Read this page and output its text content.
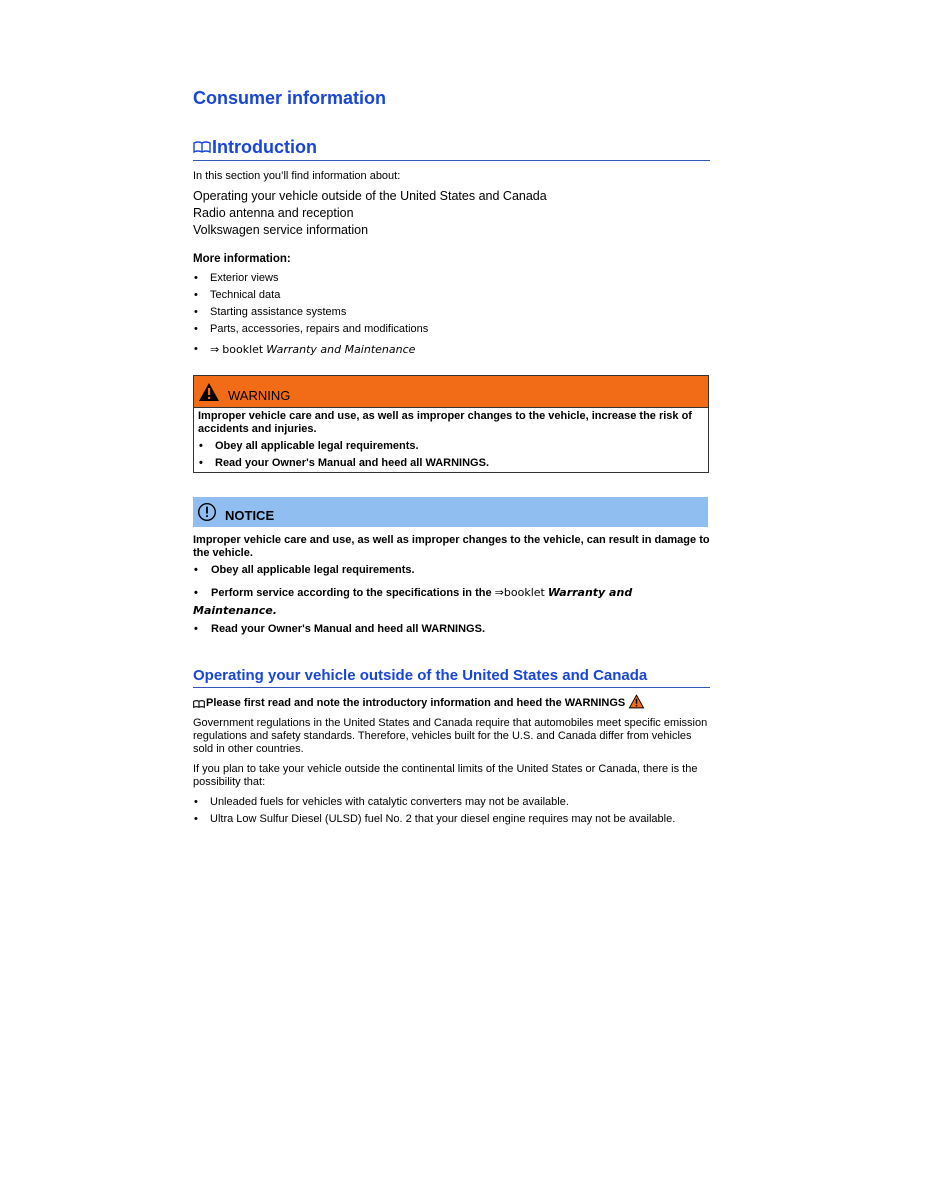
Consumer information
Introduction
In this section you’ll find information about:
Operating your vehicle outside of the United States and Canada
Radio antenna and reception
Volkswagen service information
More information:
• Exterior views
• Technical data
• Starting assistance systems
• Parts, accessories, repairs and modifications
• ⇒ booklet Warranty and Maintenance
WARNING

Improper vehicle care and use, as well as improper changes to the vehicle, increase the risk of accidents and injuries.

• Obey all applicable legal requirements.

• Read your Owner's Manual and heed all WARNINGS.

NOTICE
Improper vehicle care and use, as well as improper changes to the vehicle, can result in damage to the vehicle.
• Obey all applicable legal requirements.
• Perform service according to the specifications in the ⇒booklet Warranty and
Maintenance.
• Read your Owner's Manual and heed all WARNINGS.
Operating your vehicle outside of the United States and Canada
Please first read and note the introductory information and heed the WARNINGS
Government regulations in the United States and Canada require that automobiles meet specific emission regulations and safety standards. Therefore, vehicles built for the U.S. and Canada differ from vehicles sold in other countries.
If you plan to take your vehicle outside the continental limits of the United States or Canada, there is the possibility that:
• Unleaded fuels for vehicles with catalytic converters may not be available.
• Ultra Low Sulfur Diesel (ULSD) fuel No. 2 that your diesel engine requires may not be available.
